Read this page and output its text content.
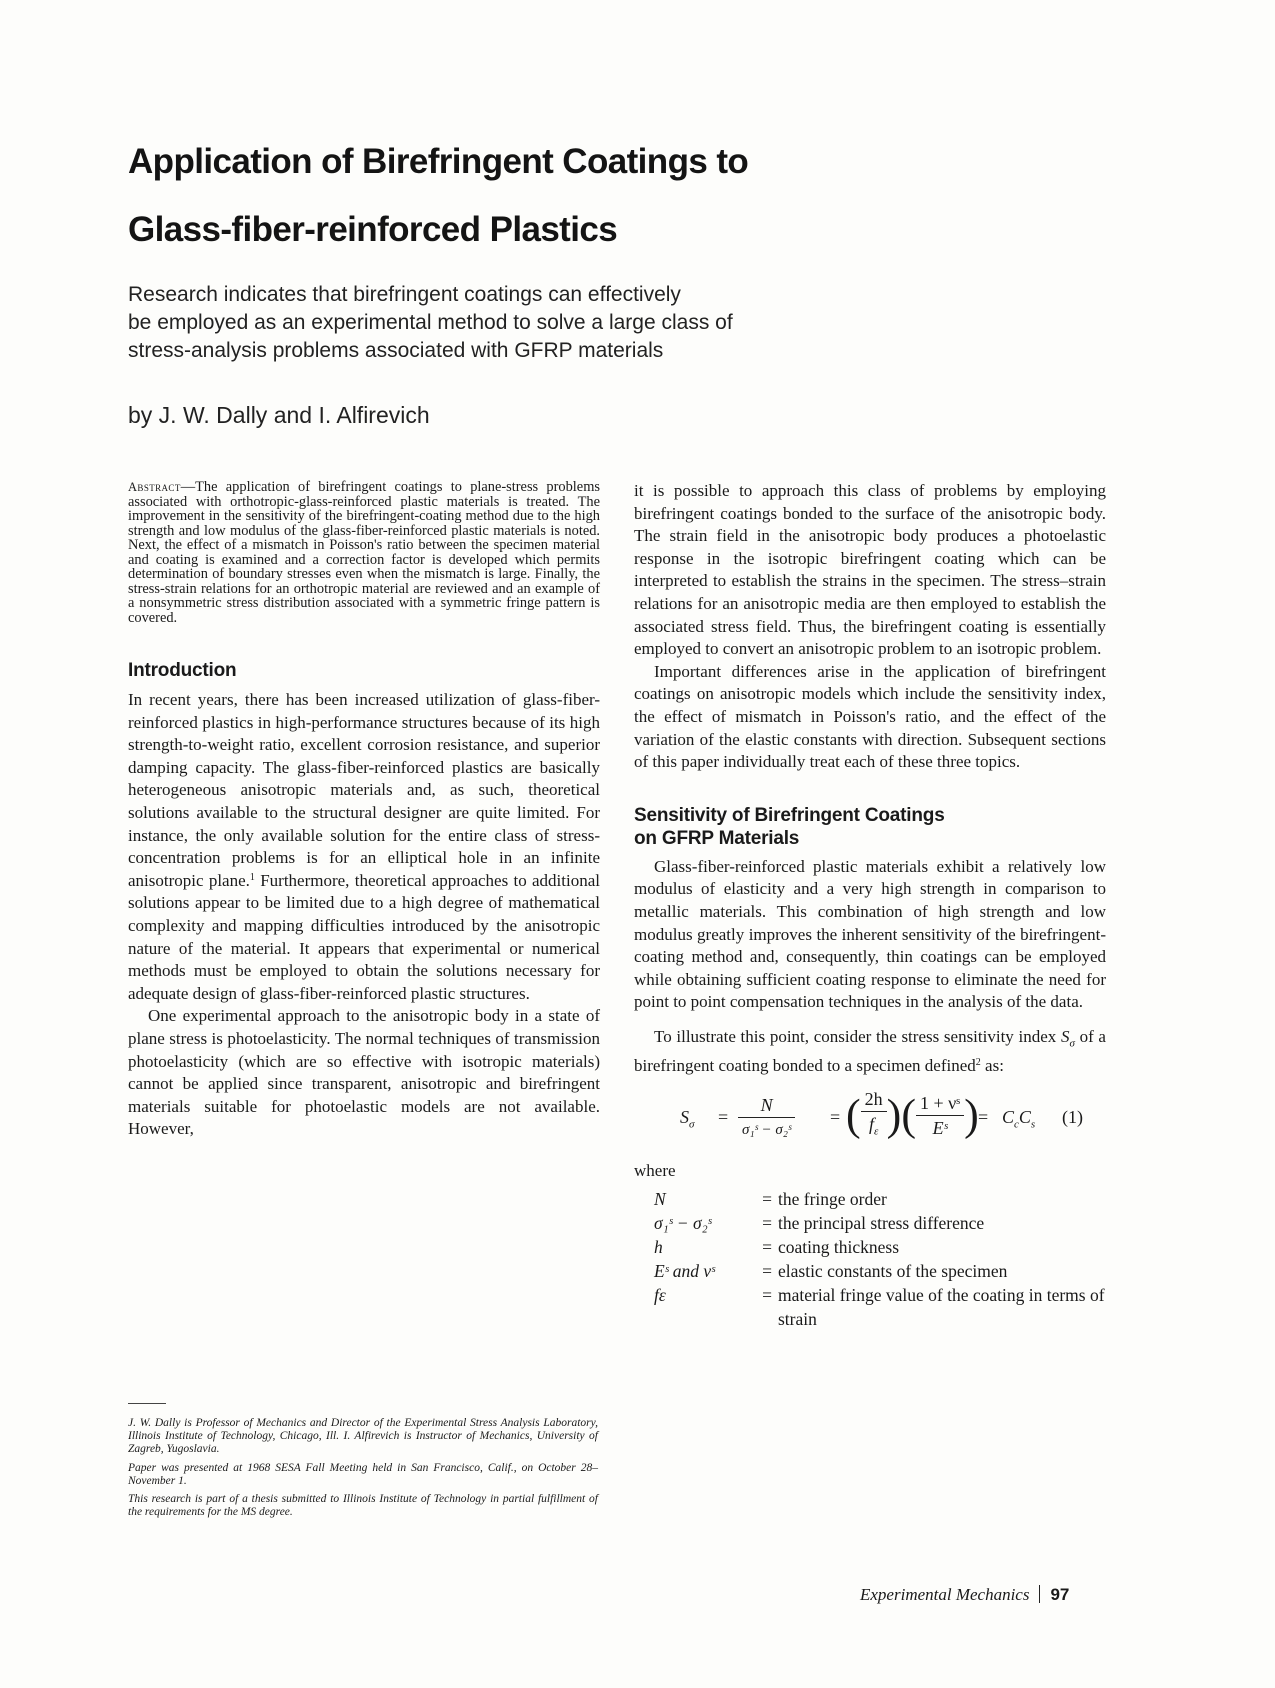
Application of Birefringent Coatings to
Glass-fiber-reinforced Plastics
Research indicates that birefringent coatings can effectively
be employed as an experimental method to solve a large class of
stress-analysis problems associated with GFRP materials
by J. W. Dally and I. Alfirevich

Abstract—The application of birefringent coatings to plane-stress problems associated with orthotropic-glass-reinforced plastic materials is treated. The improvement in the sensitivity of the birefringent-coating method due to the high strength and low modulus of the glass-fiber-reinforced plastic materials is noted. Next, the effect of a mismatch in Poisson's ratio between the specimen material and coating is examined and a correction factor is developed which permits determination of boundary stresses even when the mismatch is large. Finally, the stress-strain relations for an orthotropic material are reviewed and an example of a nonsymmetric stress distribution associated with a symmetric fringe pattern is covered.

Introduction

In recent years, there has been increased utilization of glass-fiber-reinforced plastics in high-performance structures because of its high strength-to-weight ratio, excellent corrosion resistance, and superior damping capacity. The glass-fiber-reinforced plastics are basically heterogeneous anisotropic materials and, as such, theoretical solutions available to the structural designer are quite limited. For instance, the only available solution for the entire class of stress-concentration problems is for an elliptical hole in an infinite anisotropic plane.$^1$ Furthermore, theoretical approaches to additional solutions appear to be limited due to a high degree of mathematical complexity and mapping difficulties introduced by the anisotropic nature of the material. It appears that experimental or numerical methods must be employed to obtain the solutions necessary for adequate design of glass-fiber-reinforced plastic structures.

One experimental approach to the anisotropic body in a state of plane stress is photoelasticity. The normal techniques of transmission photoelasticity (which are so effective with isotropic materials) cannot be applied since transparent, anisotropic and birefringent materials suitable for photoelastic models are not available. However,

J. W. Dally is Professor of Mechanics and Director of the Experimental Stress Analysis Laboratory, Illinois Institute of Technology, Chicago, Ill. I. Alfirevich is Instructor of Mechanics, University of Zagreb, Yugoslavia.

Paper was presented at 1968 SESA Fall Meeting held in San Francisco, Calif., on October 28–November 1.

This research is part of a thesis submitted to Illinois Institute of Technology in partial fulfillment of the requirements for the MS degree.

it is possible to approach this class of problems by employing birefringent coatings bonded to the surface of the anisotropic body. The strain field in the anisotropic body produces a photoelastic response in the isotropic birefringent coating which can be interpreted to establish the strains in the specimen. The stress–strain relations for an anisotropic media are then employed to establish the associated stress field. Thus, the birefringent coating is essentially employed to convert an anisotropic problem to an isotropic problem.

Important differences arise in the application of birefringent coatings on anisotropic models which include the sensitivity index, the effect of mismatch in Poisson's ratio, and the effect of the variation of the elastic constants with direction. Subsequent sections of this paper individually treat each of these three topics.

Sensitivity of Birefringent Coatings
on GFRP Materials

Glass-fiber-reinforced plastic materials exhibit a relatively low modulus of elasticity and a very high strength in comparison to metallic materials. This combination of high strength and low modulus greatly improves the inherent sensitivity of the birefringent-coating method and, consequently, thin coatings can be employed while obtaining sufficient coating response to eliminate the need for point to point compensation techniques in the analysis of the data.

To illustrate this point, consider the stress sensitivity index $S_\sigma$ of a birefringent coating bonded to a specimen defined$^2$ as:

$S_\sigma = \frac{N}{\text{σ₁ˢ − σ₂ˢ}}$ = ( $\frac{2h}{f_\varepsilon}$ )( $\frac{\text{1 + νˢ}}{\text{Eˢ}}$ ) = $C_cC_s$ (1)
where
N	=	the fringe order
σ₁ˢ − σ₂ˢ	=	the principal stress difference
h	=	coating thickness
Eˢ and νˢ	=	elastic constants of the specimen
fε	=	material fringe value of the coating in terms of strain
Experimental Mechanics 97
